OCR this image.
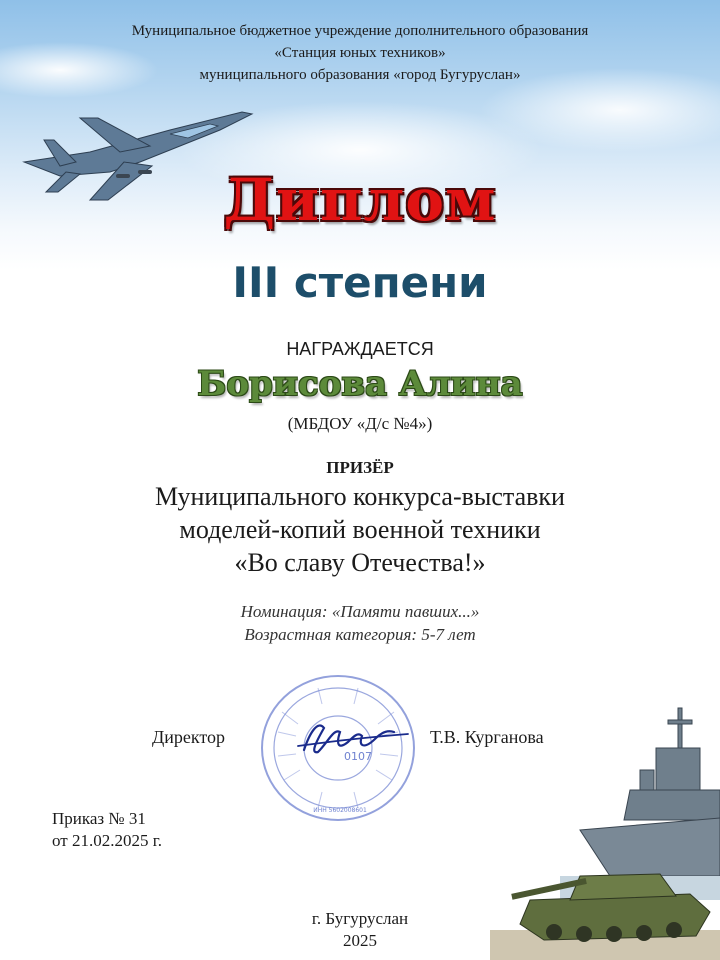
Муниципальное бюджетное учреждение дополнительного образования
«Станция юных техников»
муниципального образования «город Бугуруслан»
Диплом
III степени
НАГРАЖДАЕТСЯ
Борисова Алина
(МБДОУ «Д/с №4»)
ПРИЗЁР
Муниципального конкурса-выставки
моделей-копий военной техники
«Во славу Отечества!»
Номинация: «Памяти павших...»
Возрастная категория: 5-7 лет
ИНН 5602008601
0107
Директор	Т.В. Курганова
Приказ № 31
от 21.02.2025 г.
г. Бугуруслан
2025
